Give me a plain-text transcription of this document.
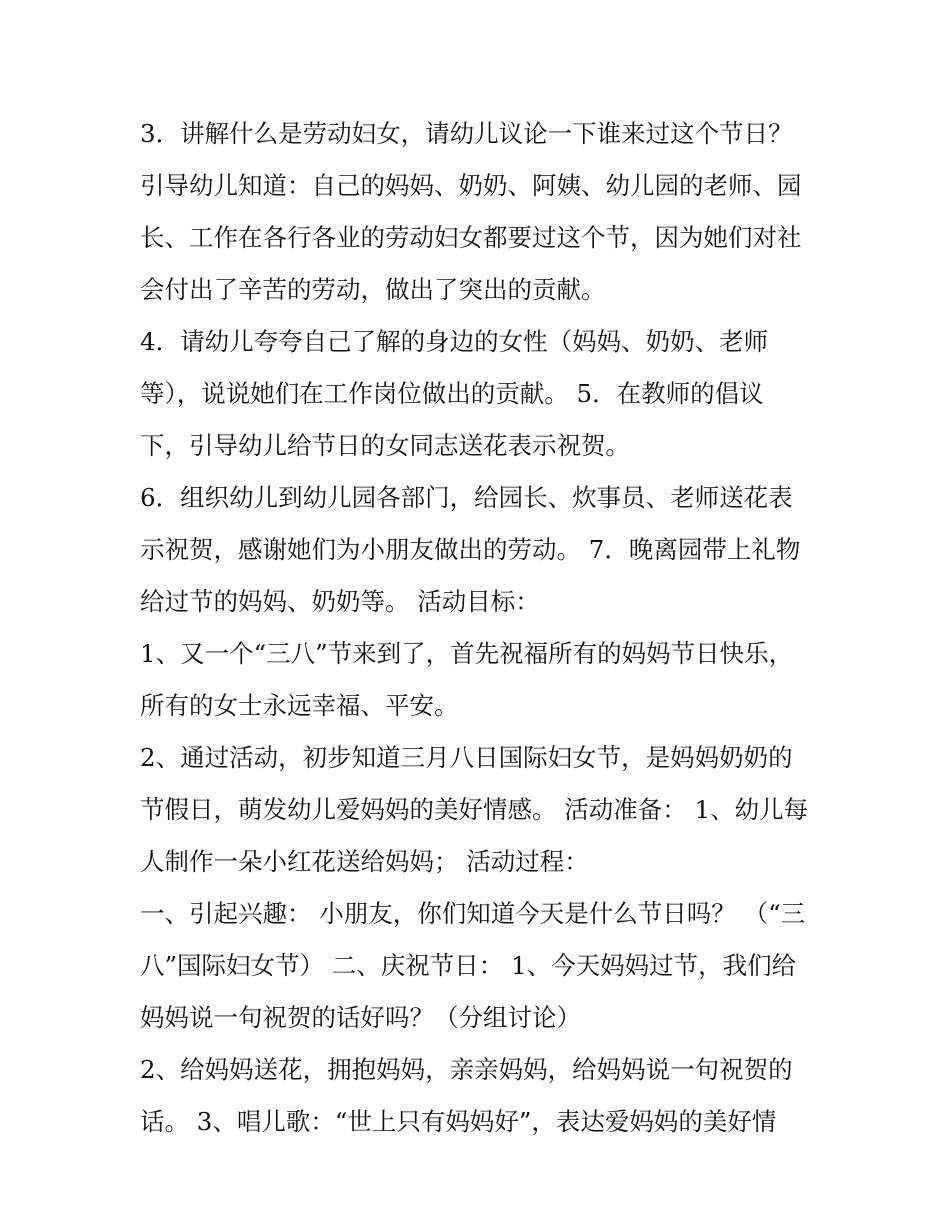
3．讲解什么是劳动妇女，请幼儿议论一下谁来过这个节日？
引导幼儿知道：自己的妈妈、奶奶、阿姨、幼儿园的老师、园
长、工作在各行各业的劳动妇女都要过这个节，因为她们对社
会付出了辛苦的劳动，做出了突出的贡献。
4．请幼儿夸夸自己了解的身边的女性（妈妈、奶奶、老师
等），说说她们在工作岗位做出的贡献。 5．在教师的倡议
下，引导幼儿给节日的女同志送花表示祝贺。
6．组织幼儿到幼儿园各部门，给园长、炊事员、老师送花表
示祝贺，感谢她们为小朋友做出的劳动。 7．晚离园带上礼物
给过节的妈妈、奶奶等。 活动目标：
1、又一个“三八”节来到了，首先祝福所有的妈妈节日快乐，
所有的女士永远幸福、平安。
2、通过活动，初步知道三月八日国际妇女节，是妈妈奶奶的
节假日，萌发幼儿爱妈妈的美好情感。 活动准备： 1、幼儿每
人制作一朵小红花送给妈妈； 活动过程：
一、引起兴趣： 小朋友，你们知道今天是什么节日吗？ （“三
八”国际妇女节） 二、庆祝节日： 1、今天妈妈过节，我们给
妈妈说一句祝贺的话好吗？（分组讨论）
2、给妈妈送花，拥抱妈妈，亲亲妈妈，给妈妈说一句祝贺的
话。 3、唱儿歌：“世上只有妈妈好”，表达爱妈妈的美好情
